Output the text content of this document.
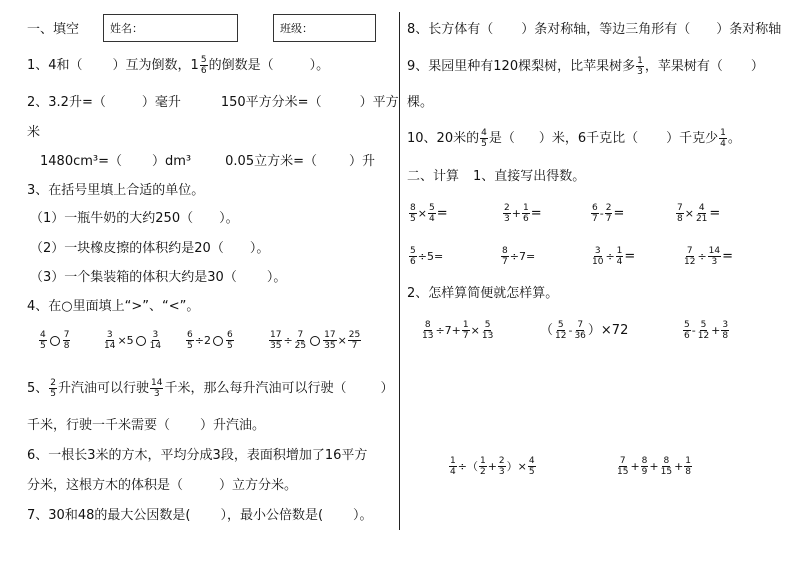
一、填空	姓名：	班级：
1、4和（ ）互为倒数，$1 \frac{5}{6}$ 的倒数是（	）。
2、3.2升=（	）毫升	150平方分米=（	）平方
米
1480cm³=（ ）dm³	0.05立方米=（ ）升
3、在括号里填上合适的单位。
（1）一瓶牛奶的大约250（ ）。
（2）一块橡皮擦的体积约是20（ ）。
（3）一个集装箱的体积大约是30（ ）。
4、在○里面填上“>”、“<”。
$\frac{4}{5} \frac{7}{8}$	$\frac{3}{14} \times 5 \frac{3}{14}$	$\frac{6}{5} \div 2 \frac{6}{5}$	$\frac{17}{35} \div \frac{7}{25} \frac{17}{35} \times \frac{25}{7}$
5、 $\frac{2}{5}$ 升汽油可以行驶 $\frac{14}{3}$ 千米，那么每升汽油可以行驶（	）
千米，行驶一千米需要（ ）升汽油。
6、一根长3米的方木，平均分成3段，表面积增加了16平方
分米，这根方木的体积是（	）立方分米。
7、30和48的最大公因数是( ），最小公倍数是( ）。
8、长方体有（ ）条对称轴，等边三角形有（ ）条对称轴
9、果园里种有120棵梨树，比苹果树多 $\frac{1}{3}$ ，苹果树有（ ）
棵。
10、20米的 $\frac{4}{5}$ 是（ ）米，6千克比（ ）千克少 $\frac{1}{4}$ 。
二、计算 1、直接写出得数。
$\frac{8}{5} \times \frac{5}{4}$ =	$\frac{2}{3} + \frac{1}{6}$ =	$\frac{6}{7} - \frac{2}{7}$ =	$\frac{7}{8} \times \frac{4}{21}$ =
$\frac{5}{6} \div 5=$	$\frac{8}{7} \div 7=$	$\frac{3}{10} \div \frac{1}{4}$ =	$\frac{7}{12} \div \frac{14}{3}$ =
2、怎样算简便就怎样算。
$\frac{8}{13} \div 7+ \frac{1}{7} \times \frac{5}{13}$	（ $\frac{5}{12} - \frac{7}{36} )\times 72$	$\frac{5}{6} - \frac{5}{12} + \frac{3}{8}$
$\frac{1}{4}$ ÷（ $\frac{1}{2} + \frac{2}{3}$ ）× $\frac{4}{5}$	$\frac{7}{15} + \frac{8}{9} + \frac{8}{15} + \frac{1}{8}$
